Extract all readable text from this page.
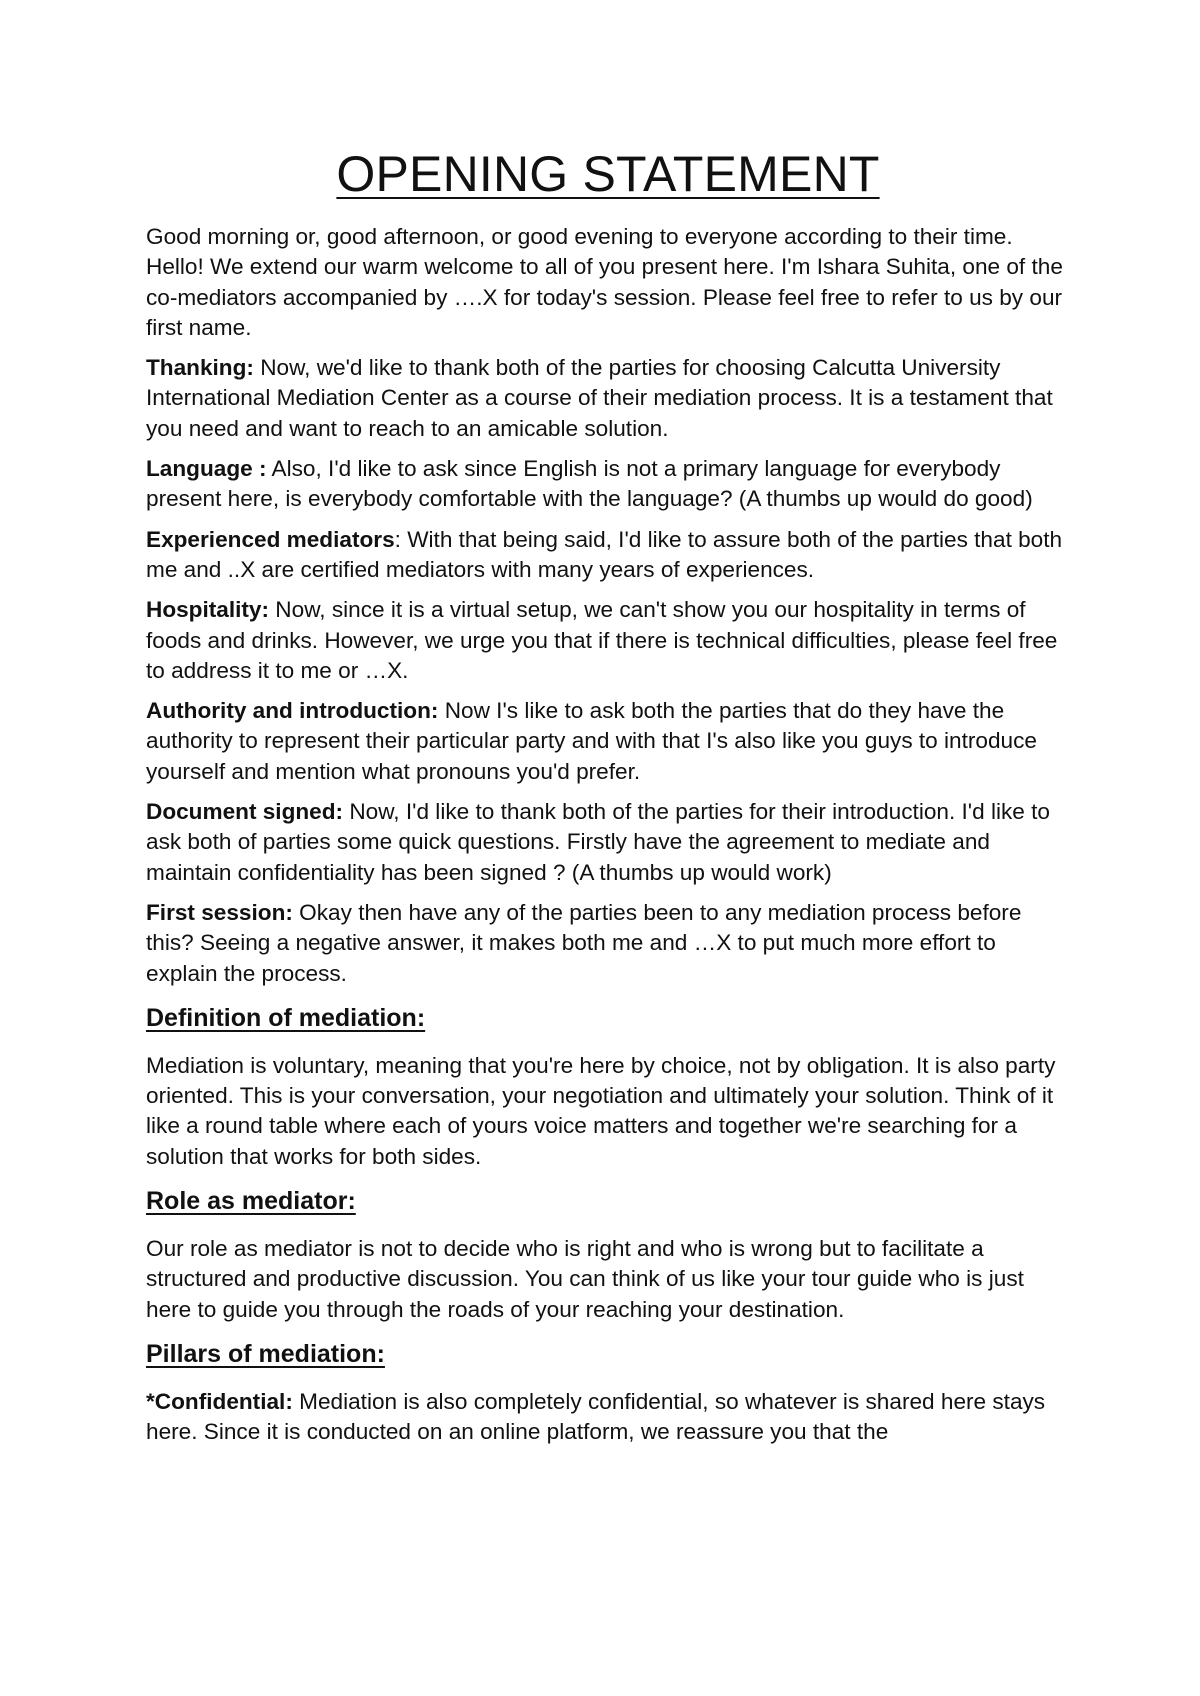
OPENING STATEMENT

Good morning or, good afternoon, or good evening to everyone according to their time. Hello! We extend our warm welcome to all of you present here. I'm Ishara Suhita, one of the co-mediators accompanied by ….X for today's session. Please feel free to refer to us by our first name.

Thanking: Now, we'd like to thank both of the parties for choosing Calcutta University International Mediation Center as a course of their mediation process. It is a testament that you need and want to reach to an amicable solution.

Language : Also, I'd like to ask since English is not a primary language for everybody present here, is everybody comfortable with the language? (A thumbs up would do good)

Experienced mediators: With that being said, I'd like to assure both of the parties that both me and ..X are certified mediators with many years of experiences.

Hospitality: Now, since it is a virtual setup, we can't show you our hospitality in terms of foods and drinks. However, we urge you that if there is technical difficulties, please feel free to address it to me or …X.

Authority and introduction: Now I's like to ask both the parties that do they have the authority to represent their particular party and with that I's also like you guys to introduce yourself and mention what pronouns you'd prefer.

Document signed: Now, I'd like to thank both of the parties for their introduction. I'd like to ask both of parties some quick questions. Firstly have the agreement to mediate and maintain confidentiality has been signed ? (A thumbs up would work)

First session: Okay then have any of the parties been to any mediation process before this? Seeing a negative answer, it makes both me and …X to put much more effort to explain the process.

Definition of mediation:

Mediation is voluntary, meaning that you're here by choice, not by obligation. It is also party oriented. This is your conversation, your negotiation and ultimately your solution. Think of it like a round table where each of yours voice matters and together we're searching for a solution that works for both sides.

Role as mediator:

Our role as mediator is not to decide who is right and who is wrong but to facilitate a structured and productive discussion. You can think of us like your tour guide who is just here to guide you through the roads of your reaching your destination.

Pillars of mediation:

*Confidential: Mediation is also completely confidential, so whatever is shared here stays here. Since it is conducted on an online platform, we reassure you that the
